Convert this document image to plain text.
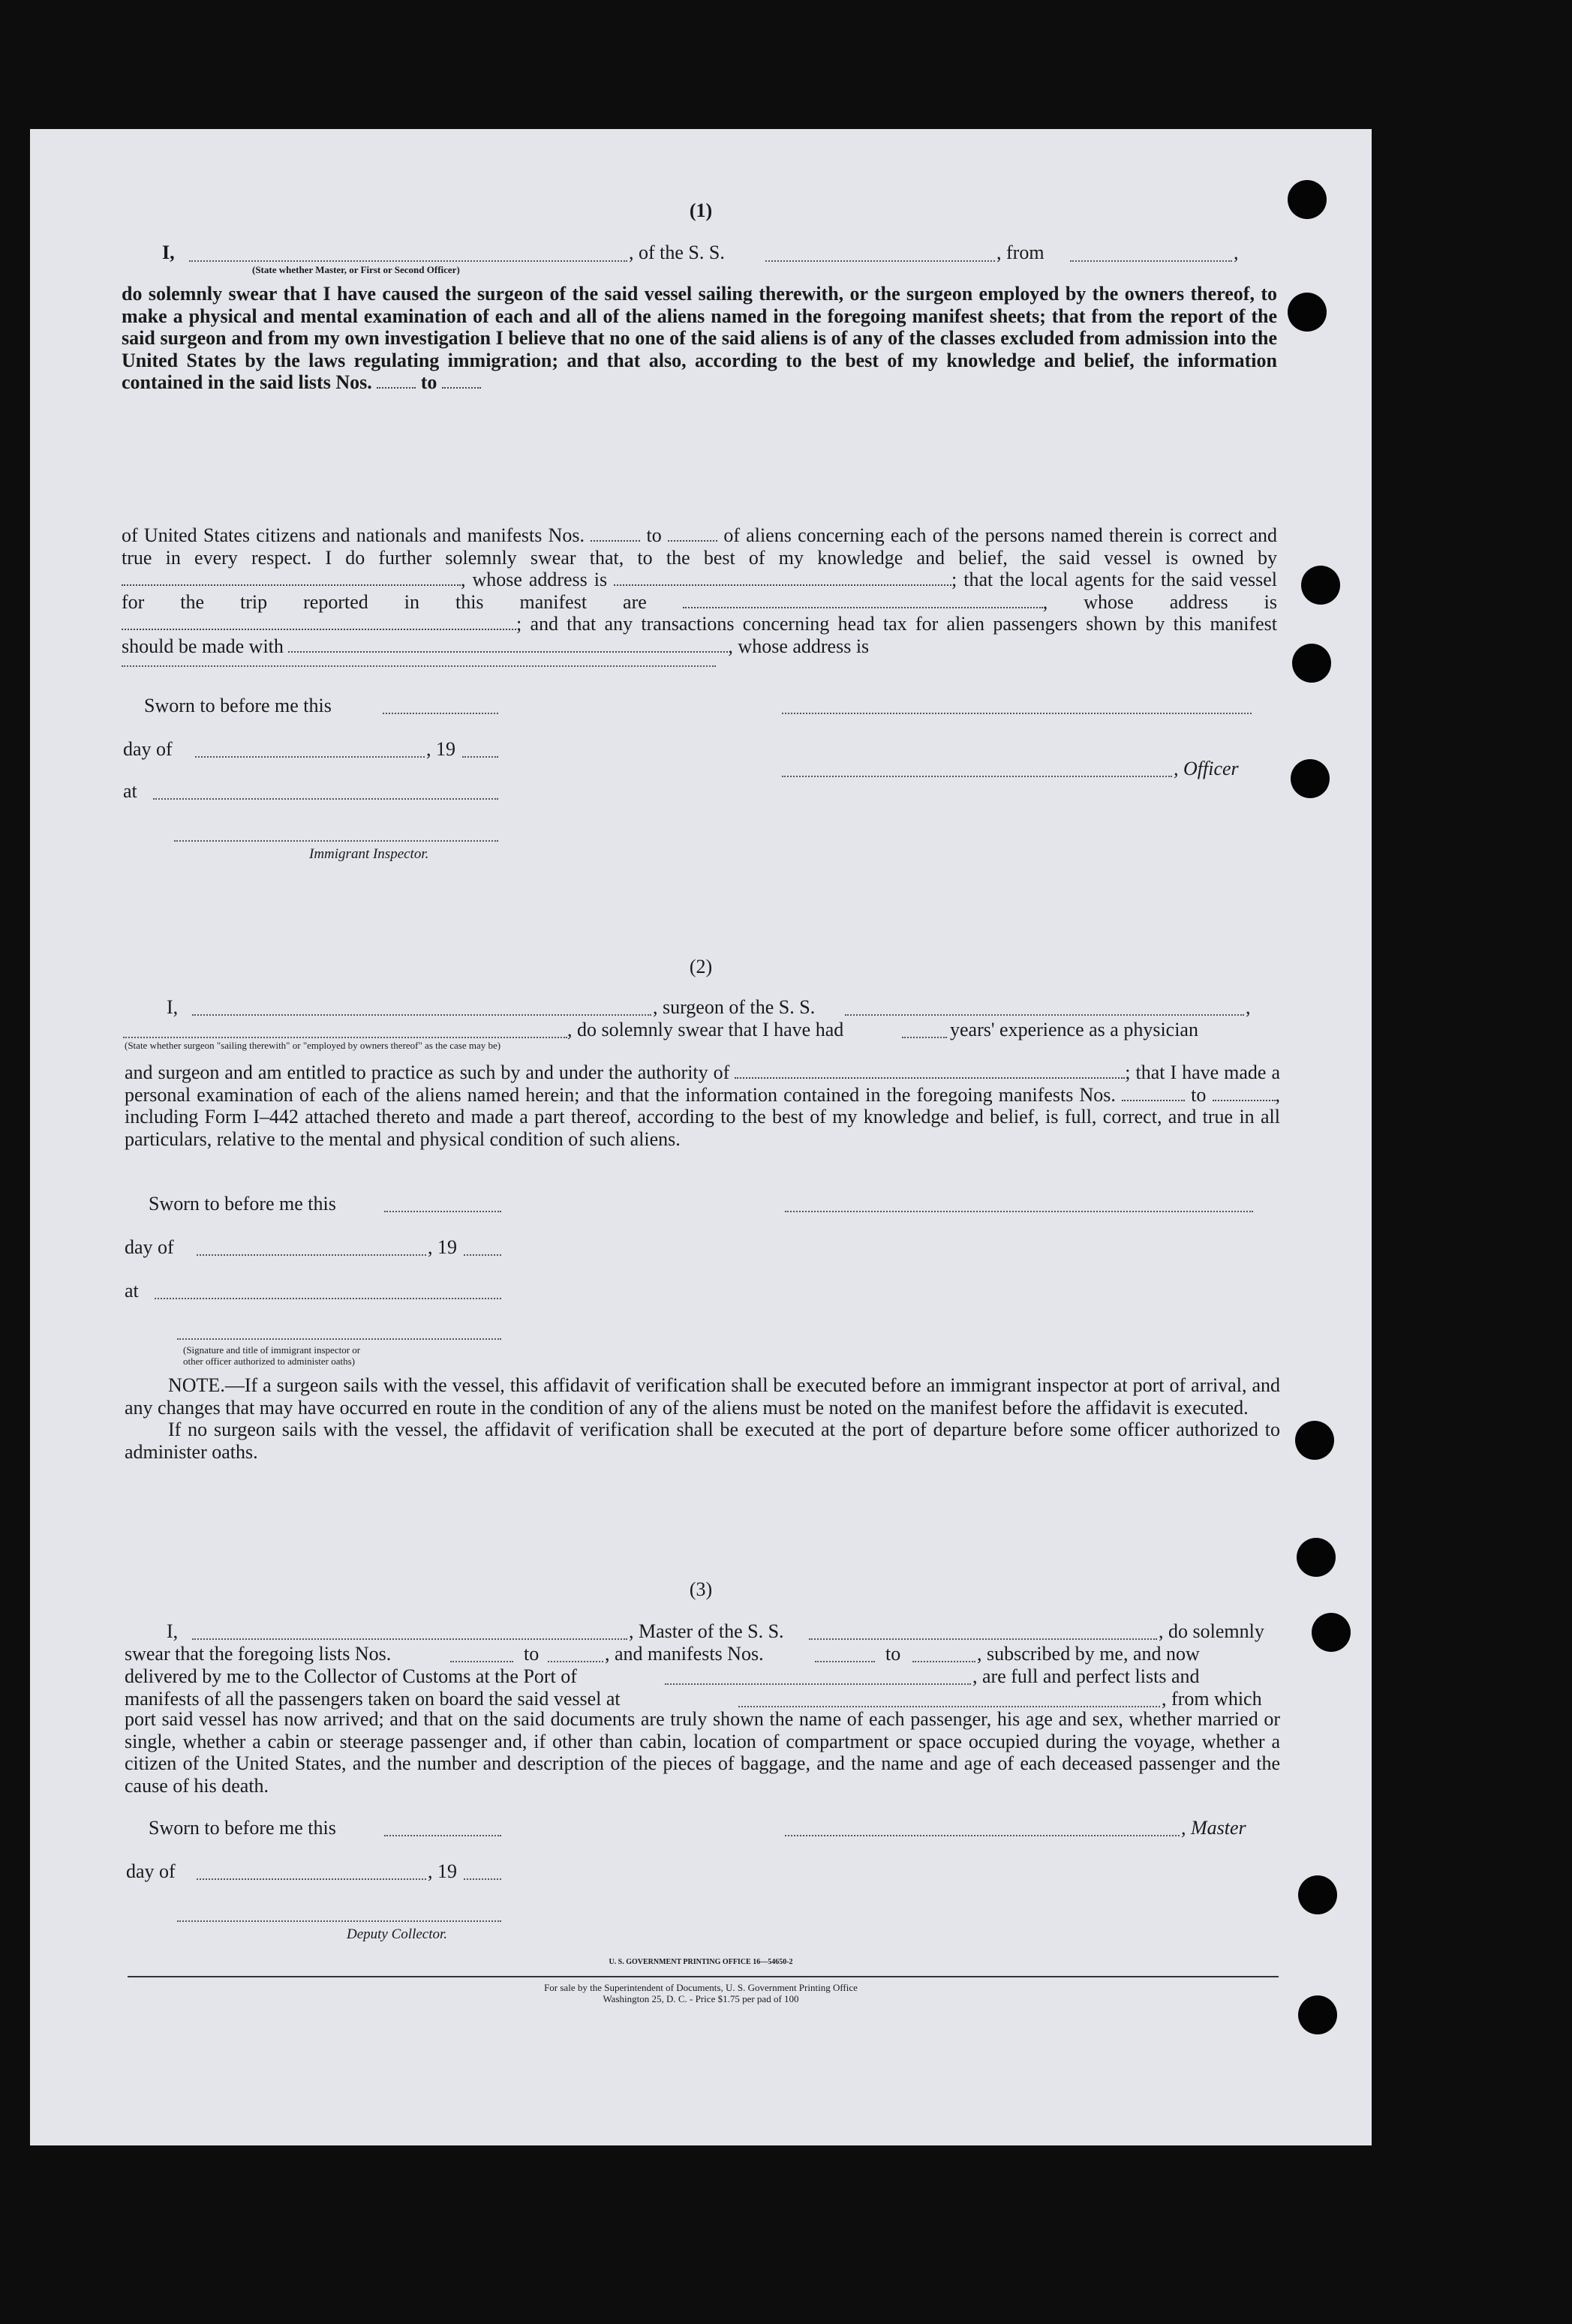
(1)
I,	, of the S. S.	, from	,
(State whether Master, or First or Second Officer)
do solemnly swear that I have caused the surgeon of the said vessel sailing therewith, or the surgeon employed by the owners thereof, to make a physical and mental examination of each and all of the aliens named in the foregoing manifest sheets; that from the report of the said surgeon and from my own investigation I believe that no one of the said aliens is of any of the classes excluded from admission into the United States by the laws regulating immigration; and that also, according to the best of my knowledge and belief, the information contained in the said lists Nos.	to
of United States citizens and nationals and manifests Nos.	to	of aliens concerning each of the persons named therein is correct and true in every respect. I do further solemnly swear that, to the best of my knowledge and belief, the said vessel is owned by , whose address is	; that the local agents for the said vessel for the trip reported in this manifest are	, whose address is ; and that any transactions concerning head tax for alien passengers shown by this manifest should be made with	, whose address is
Sworn to before me this
day of	, 19
, Officer
at
Immigrant Inspector.
(2)
I,	, surgeon of the S. S.	,
, do solemnly swear that I have had	years' experience as a physician
(State whether surgeon "sailing therewith" or "employed by owners thereof" as the case may be)
and surgeon and am entitled to practice as such by and under the authority of	; that I have made a personal examination of each of the aliens named herein; and that the information contained in the foregoing manifests Nos.	to	, including Form I–442 attached thereto and made a part thereof, according to the best of my knowledge and belief, is full, correct, and true in all particulars, relative to the mental and physical condition of such aliens.
Sworn to before me this
day of	, 19
at
(Signature and title of immigrant inspector or
other officer authorized to administer oaths)

NOTE.—If a surgeon sails with the vessel, this affidavit of verification shall be executed before an immigrant inspector at port of arrival, and any changes that may have occurred en route in the condition of any of the aliens must be noted on the manifest before the affidavit is executed.

If no surgeon sails with the vessel, the affidavit of verification shall be executed at the port of departure before some officer authorized to administer oaths.

(3)
I,	, Master of the S. S.	, do solemnly
swear that the foregoing lists Nos.	to	, and manifests Nos.	to	, subscribed by me, and now
delivered by me to the Collector of Customs at the Port of	, are full and perfect lists and
manifests of all the passengers taken on board the said vessel at	, from which
port said vessel has now arrived; and that on the said documents are truly shown the name of each passenger, his age and sex, whether married or single, whether a cabin or steerage passenger and, if other than cabin, location of compartment or space occupied during the voyage, whether a citizen of the United States, and the number and description of the pieces of baggage, and the name and age of each deceased passenger and the cause of his death.
Sworn to before me this	, Master
day of	, 19
Deputy Collector.
U. S. GOVERNMENT PRINTING OFFICE 16—54650-2
For sale by the Superintendent of Documents, U. S. Government Printing Office
Washington 25, D. C. - Price $1.75 per pad of 100
